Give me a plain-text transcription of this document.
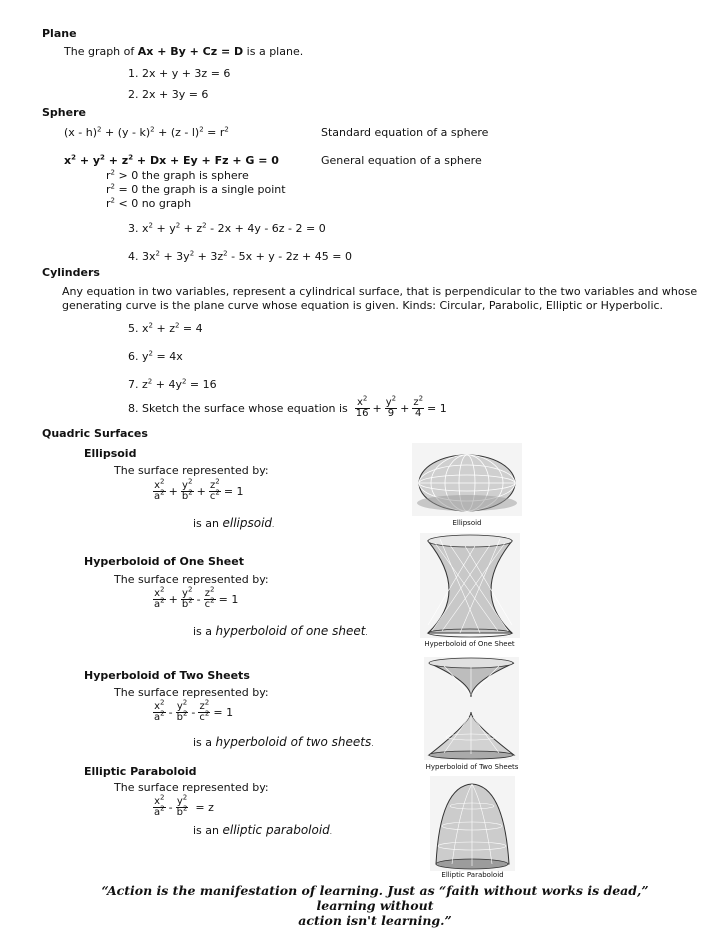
Plane
The graph of Ax + By + Cz = D is a plane.
1. 2x + y + 3z = 6
2. 2x + 3y = 6
Sphere
$(x - h)^2 + (y - k)^2 + (z - l)^2 = r^2$	Standard equation of a sphere
$x^2 + y^2 + z^2 + Dx + Ey + Fz + G = 0$	General equation of a sphere
$r^2 > 0$ the graph is sphere
$r^2 = 0$ the graph is a single point
$r^2 < 0$ no graph
3. $x^2 + y^2 + z^2 - 2x + 4y - 6z - 2 = 0$
4. $3x^2 + 3y^2 + 3z^2 - 5x + y - 2z + 45 = 0$
Cylinders
Any equation in two variables, represent a cylindrical surface, that is perpendicular to the two variables and whose
generating curve is the plane curve whose equation is given. Kinds: Circular, Parabolic, Elliptic or Hyperbolic.
5. $x^2 + z^2 = 4$
6. $y^2 = 4x$
7. $z^2 + 4y^2 = 16$
8. Sketch the surface whose equation is $\frac{x^2}{16} + \frac{y^2}{9} + \frac{z^2}{4} = 1$
Quadric Surfaces
Ellipsoid
The surface represented by:
$\frac{x^2}{a^2} + \frac{y^2}{b^2} + \frac{z^2}{c^2} = 1$
is an ellipsoid.	Ellipsoid
Hyperboloid of One Sheet
The surface represented by:
$\frac{x^2}{a^2} + \frac{y^2}{b^2} - \frac{z^2}{c^2} = 1$
is a hyperboloid of one sheet.
Hyperboloid of One Sheet
Hyperboloid of Two Sheets
The surface represented by:
$\frac{x^2}{a^2} - \frac{y^2}{b^2} - \frac{z^2}{c^2} = 1$
is a hyperboloid of two sheets.
Hyperboloid of Two Sheets
Elliptic Paraboloid
The surface represented by:
$\frac{x^2}{a^2} - \frac{y^2}{b^2} = z$
is an elliptic paraboloid.
Elliptic Paraboloid
“Action is the manifestation of learning. Just as “faith without works is dead,” learning without
action isn't learning.”
